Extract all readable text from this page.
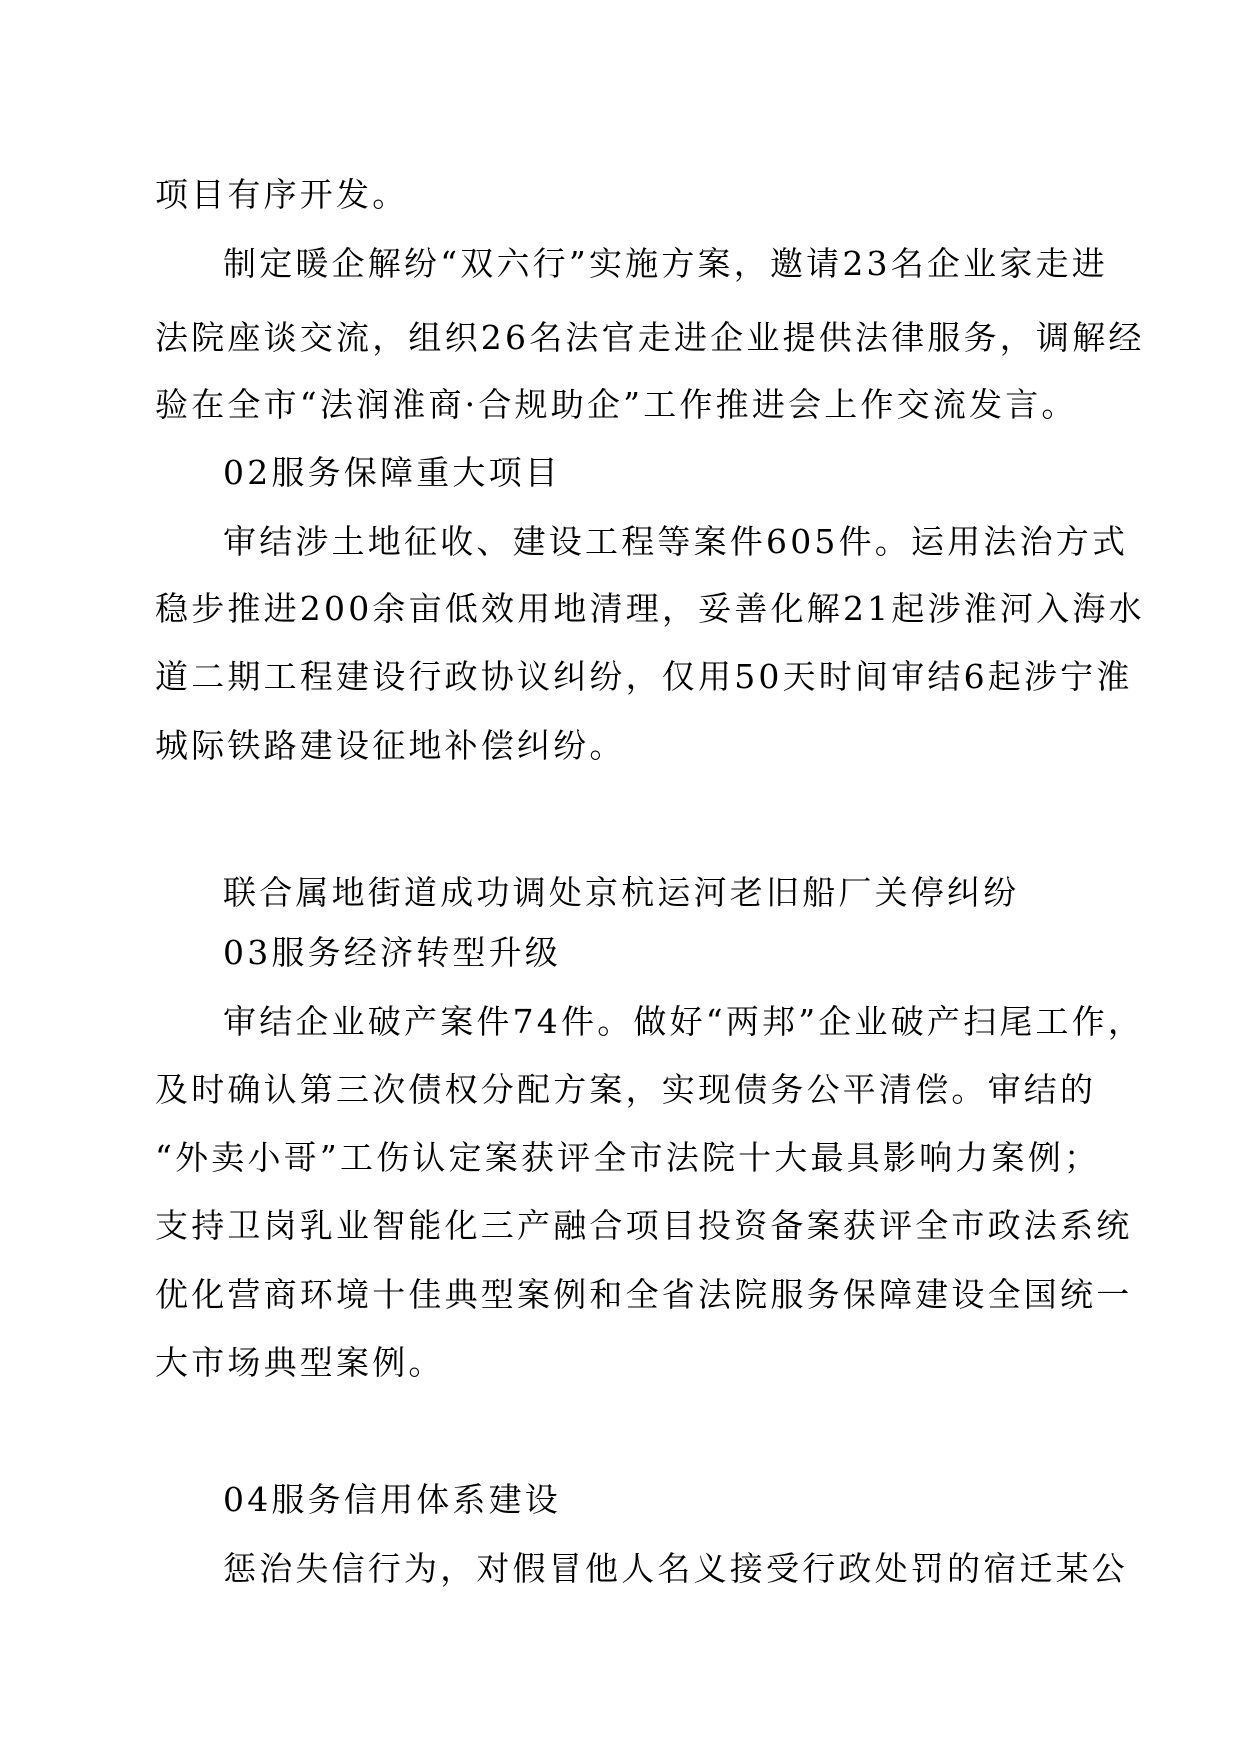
项目有序开发。
制定暖企解纷“双六行”实施方案，邀请23名企业家走进
法院座谈交流，组织26名法官走进企业提供法律服务，调解经
验在全市“法润淮商·合规助企”工作推进会上作交流发言。
02服务保障重大项目
审结涉土地征收、建设工程等案件605件。运用法治方式
稳步推进200余亩低效用地清理，妥善化解21起涉淮河入海水
道二期工程建设行政协议纠纷，仅用50天时间审结6起涉宁淮
城际铁路建设征地补偿纠纷。
联合属地街道成功调处京杭运河老旧船厂关停纠纷
03服务经济转型升级
审结企业破产案件74件。做好“两邦”企业破产扫尾工作，
及时确认第三次债权分配方案，实现债务公平清偿。审结的
“外卖小哥”工伤认定案获评全市法院十大最具影响力案例；
支持卫岗乳业智能化三产融合项目投资备案获评全市政法系统
优化营商环境十佳典型案例和全省法院服务保障建设全国统一
大市场典型案例。
04服务信用体系建设
惩治失信行为，对假冒他人名义接受行政处罚的宿迁某公
